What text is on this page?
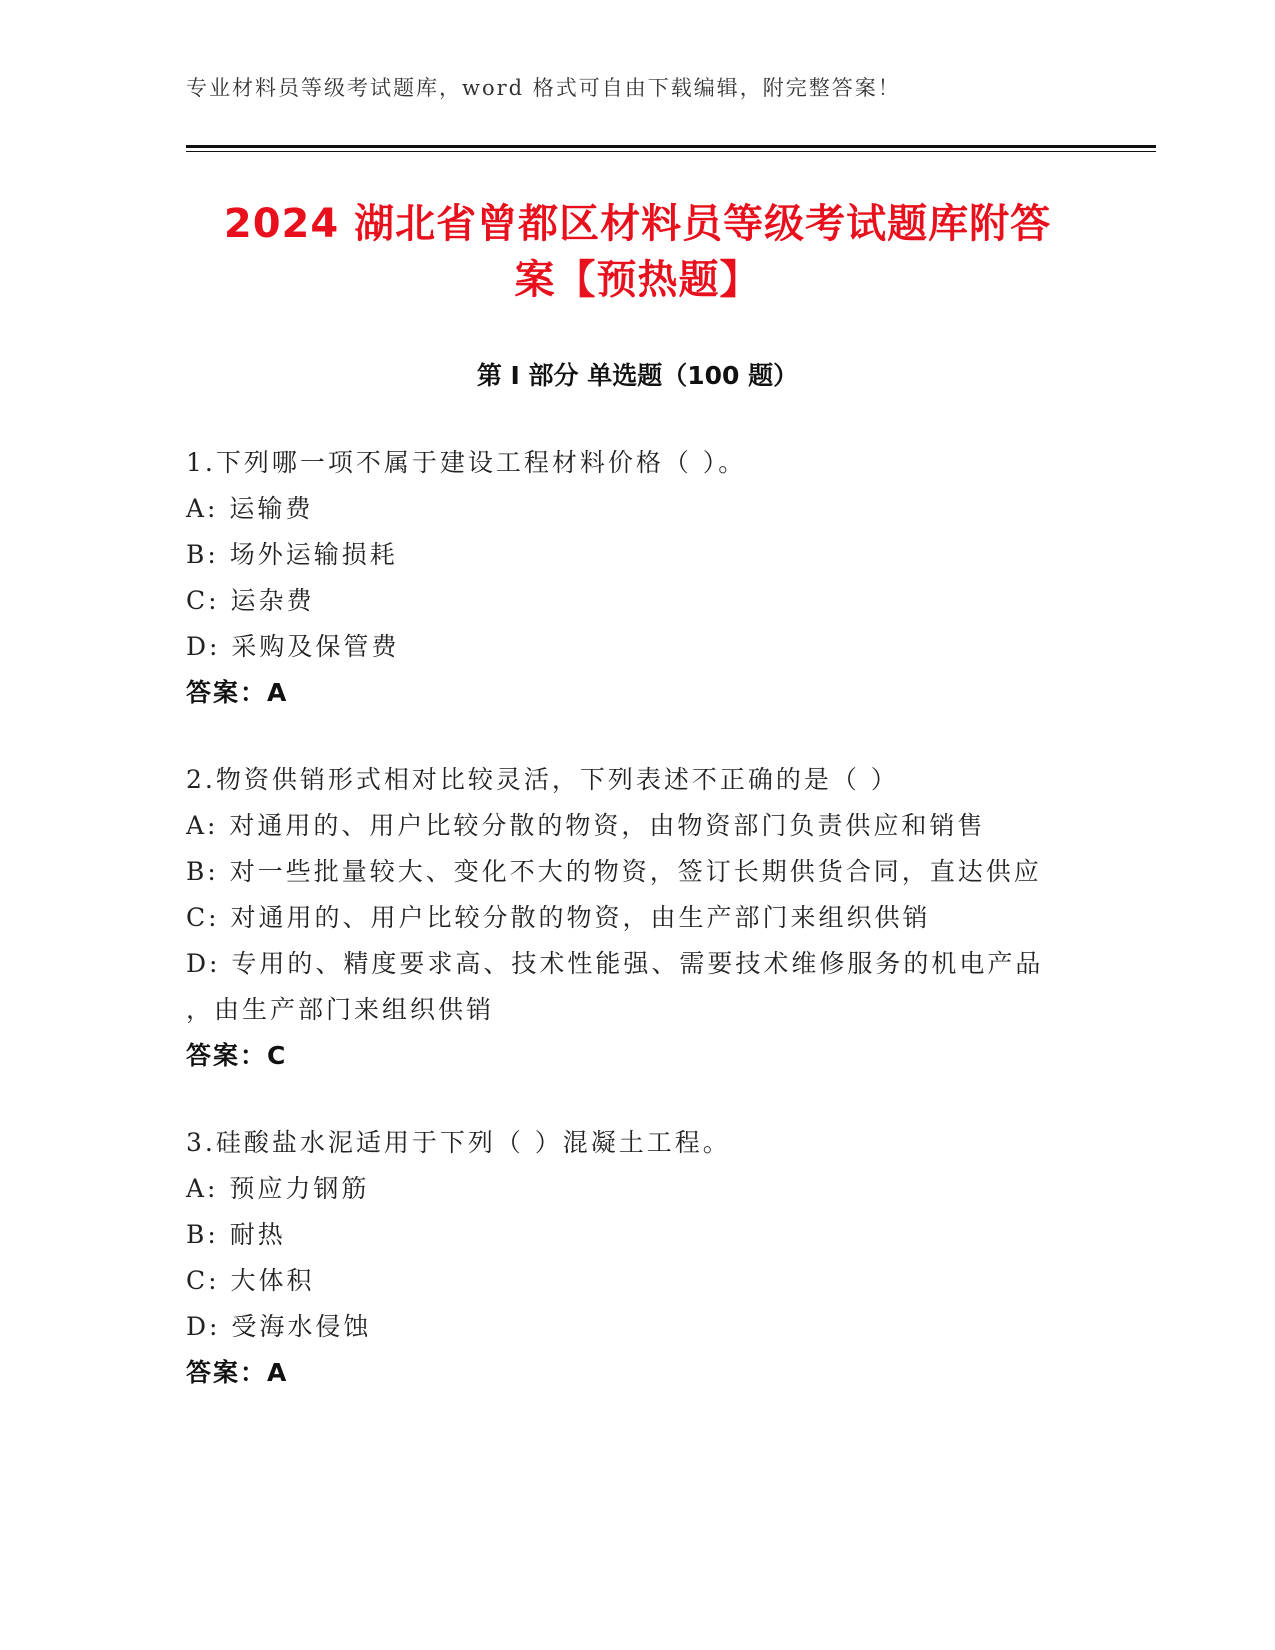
专业材料员等级考试题库，word 格式可自由下载编辑，附完整答案！
2024 湖北省曾都区材料员等级考试题库附答
案【预热题】
第 I 部分 单选题（100 题）
1.下列哪一项不属于建设工程材料价格（ ）。
A: 运输费
B: 场外运输损耗
C: 运杂费
D: 采购及保管费
答案：A
2.物资供销形式相对比较灵活，下列表述不正确的是（ ）
A: 对通用的、用户比较分散的物资，由物资部门负责供应和销售
B: 对一些批量较大、变化不大的物资，签订长期供货合同，直达供应
C: 对通用的、用户比较分散的物资，由生产部门来组织供销
D: 专用的、精度要求高、技术性能强、需要技术维修服务的机电产品
，由生产部门来组织供销
答案：C
3.硅酸盐水泥适用于下列（ ）混凝土工程。
A: 预应力钢筋
B: 耐热
C: 大体积
D: 受海水侵蚀
答案：A
